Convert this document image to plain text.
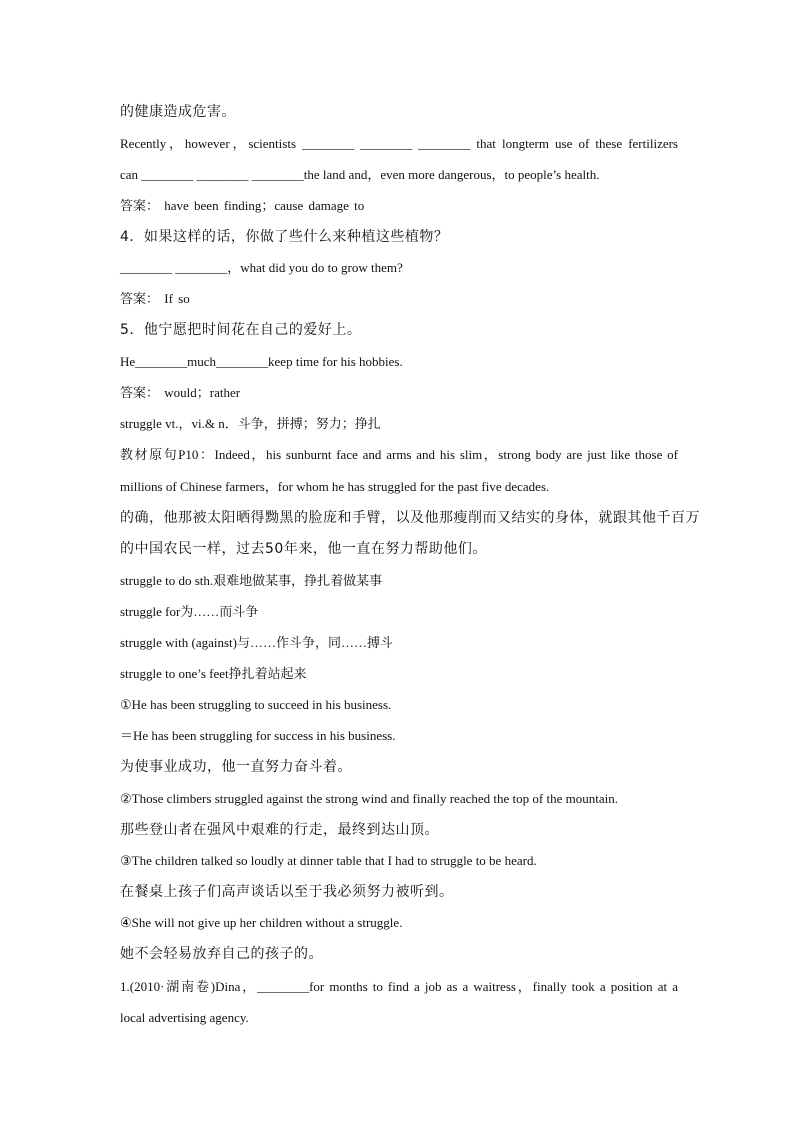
的健康造成危害。
Recently，however，scientists ________ ________ ________ that longterm use of these fertilizers
can ________ ________ ________the land and，even more dangerous，to people’s health.
答案： have been finding；cause damage to
4．如果这样的话，你做了些什么来种植这些植物？
________ ________，what did you do to grow them?
答案： If so
5．他宁愿把时间花在自己的爱好上。
He________much________keep time for his hobbies.
答案： would；rather
struggle vt.，vi.& n．斗争，拼搏；努力；挣扎
教材原句P10：Indeed，his sunburnt face and arms and his slim，strong body are just like those of
millions of Chinese farmers，for whom he has struggled for the past five decades.
的确，他那被太阳晒得黝黑的脸庞和手臂，以及他那瘦削而又结实的身体，就跟其他千百万
的中国农民一样，过去50年来，他一直在努力帮助他们。
struggle to do sth.艰难地做某事，挣扎着做某事
struggle for为……而斗争
struggle with (against)与……作斗争，同……搏斗
struggle to one’s feet挣扎着站起来
①He has been struggling to succeed in his business.
＝He has been struggling for success in his business.
为使事业成功，他一直努力奋斗着。
②Those climbers struggled against the strong wind and finally reached the top of the mountain.
那些登山者在强风中艰难的行走，最终到达山顶。
③The children talked so loudly at dinner table that I had to struggle to be heard.
在餐桌上孩子们高声谈话以至于我必须努力被听到。
④She will not give up her children without a struggle.
她不会轻易放弃自己的孩子的。
1.(2010·湖南卷)Dina，________for months to find a job as a waitress，finally took a position at a
local advertising agency.
